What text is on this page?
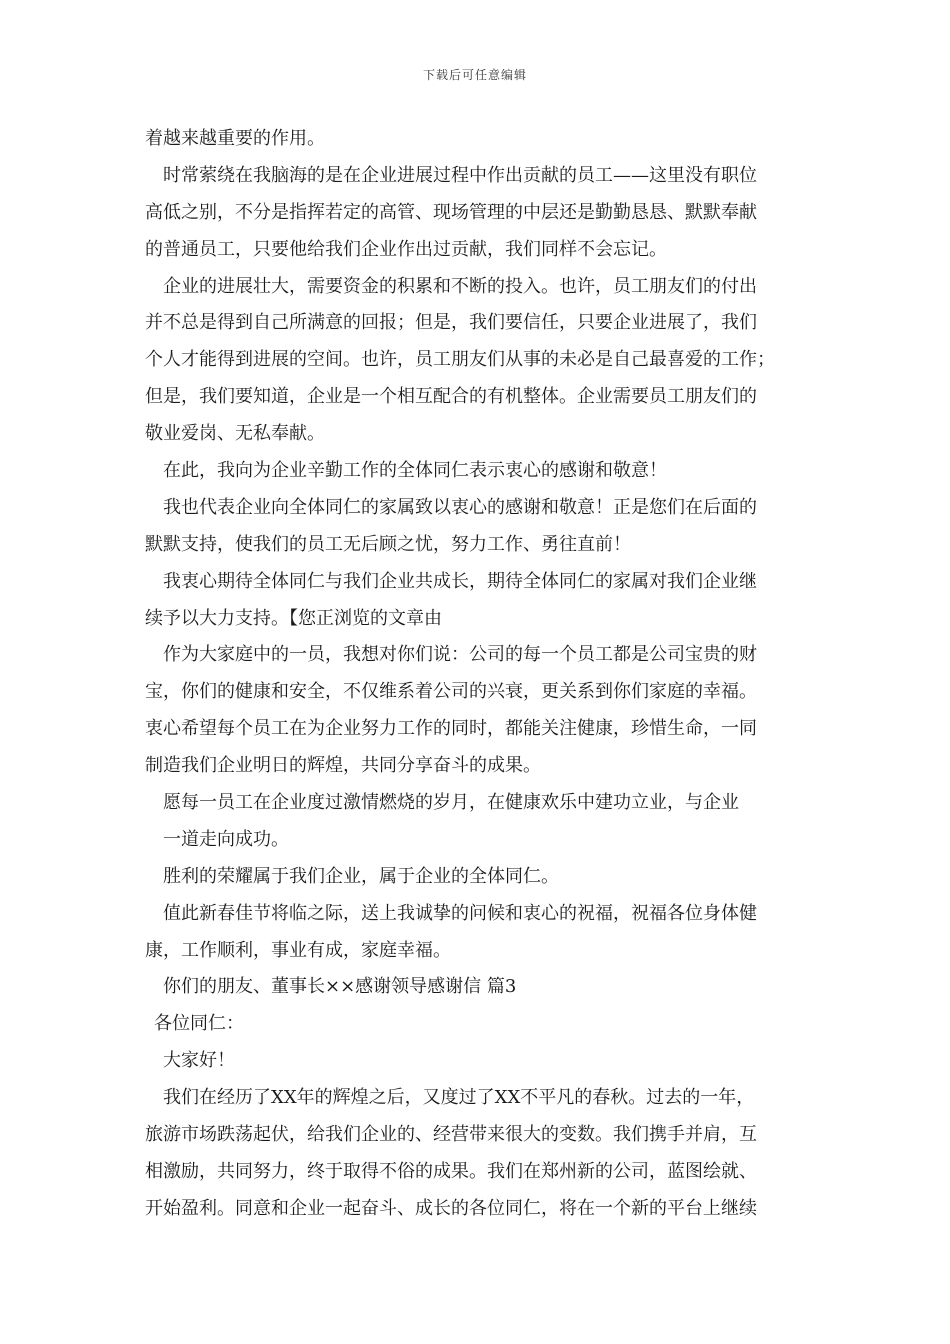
下载后可任意编辑
着越来越重要的作用。
时常萦绕在我脑海的是在企业进展过程中作出贡献的员工——这里没有职位
高低之别，不分是指挥若定的高管、现场管理的中层还是勤勤恳恳、默默奉献
的普通员工，只要他给我们企业作出过贡献，我们同样不会忘记。
企业的进展壮大，需要资金的积累和不断的投入。也许，员工朋友们的付出
并不总是得到自己所满意的回报；但是，我们要信任，只要企业进展了，我们
个人才能得到进展的空间。也许，员工朋友们从事的未必是自己最喜爱的工作；
但是，我们要知道，企业是一个相互配合的有机整体。企业需要员工朋友们的
敬业爱岗、无私奉献。
在此，我向为企业辛勤工作的全体同仁表示衷心的感谢和敬意！
我也代表企业向全体同仁的家属致以衷心的感谢和敬意！正是您们在后面的
默默支持，使我们的员工无后顾之忧，努力工作、勇往直前！
我衷心期待全体同仁与我们企业共成长，期待全体同仁的家属对我们企业继
续予以大力支持。【您正浏览的文章由
作为大家庭中的一员，我想对你们说：公司的每一个员工都是公司宝贵的财
宝，你们的健康和安全，不仅维系着公司的兴衰，更关系到你们家庭的幸福。
衷心希望每个员工在为企业努力工作的同时，都能关注健康，珍惜生命，一同
制造我们企业明日的辉煌，共同分享奋斗的成果。
愿每一员工在企业度过激情燃烧的岁月，在健康欢乐中建功立业，与企业
一道走向成功。
胜利的荣耀属于我们企业，属于企业的全体同仁。
值此新春佳节将临之际，送上我诚挚的问候和衷心的祝福，祝福各位身体健
康，工作顺利，事业有成，家庭幸福。
你们的朋友、董事长××感谢领导感谢信 篇3
各位同仁：
大家好！
我们在经历了XX年的辉煌之后，又度过了XX不平凡的春秋。过去的一年，
旅游市场跌荡起伏，给我们企业的、经营带来很大的变数。我们携手并肩，互
相激励，共同努力，终于取得不俗的成果。我们在郑州新的公司，蓝图绘就、
开始盈利。同意和企业一起奋斗、成长的各位同仁，将在一个新的平台上继续
